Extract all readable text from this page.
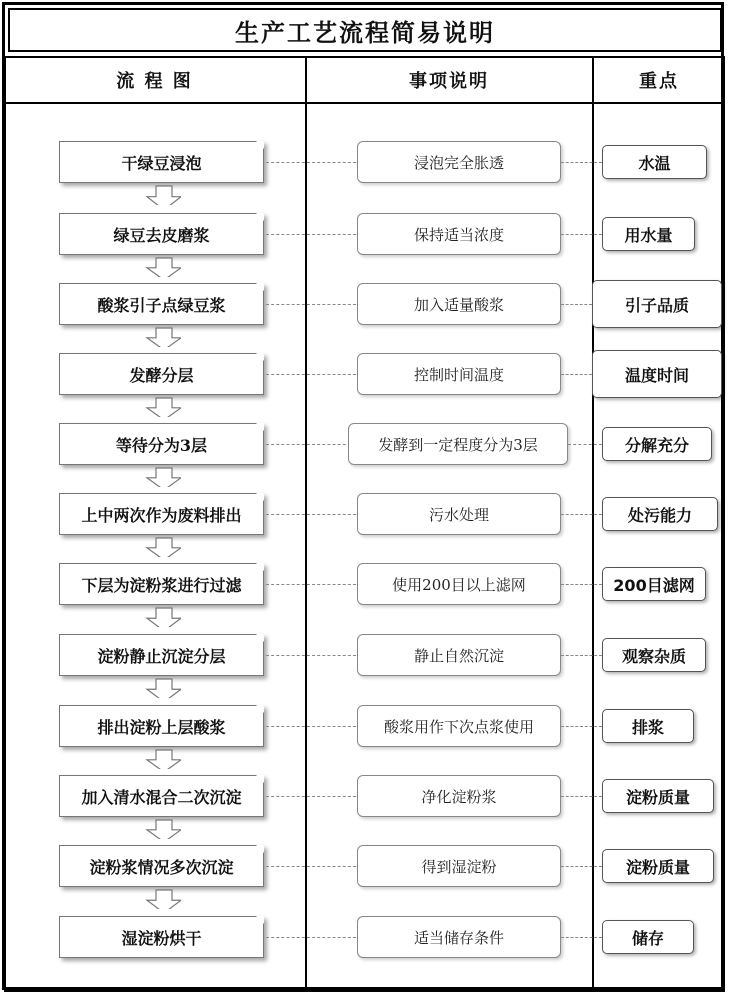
生产工艺流程简易说明
流 程 图	事项说明	重点
干绿豆浸泡	浸泡完全胀透	水温
绿豆去皮磨浆	保持适当浓度	用水量
酸浆引子点绿豆浆	加入适量酸浆	引子品质
发酵分层	控制时间温度	温度时间
等待分为3层	发酵到一定程度分为3层	分解充分
上中两次作为废料排出	污水处理	处污能力
下层为淀粉浆进行过滤	使用200目以上滤网	200目滤网
淀粉静止沉淀分层	静止自然沉淀	观察杂质
排出淀粉上层酸浆	酸浆用作下次点浆使用	排浆
加入清水混合二次沉淀	净化淀粉浆	淀粉质量
淀粉浆情况多次沉淀	得到湿淀粉	淀粉质量
湿淀粉烘干	适当储存条件	储存
